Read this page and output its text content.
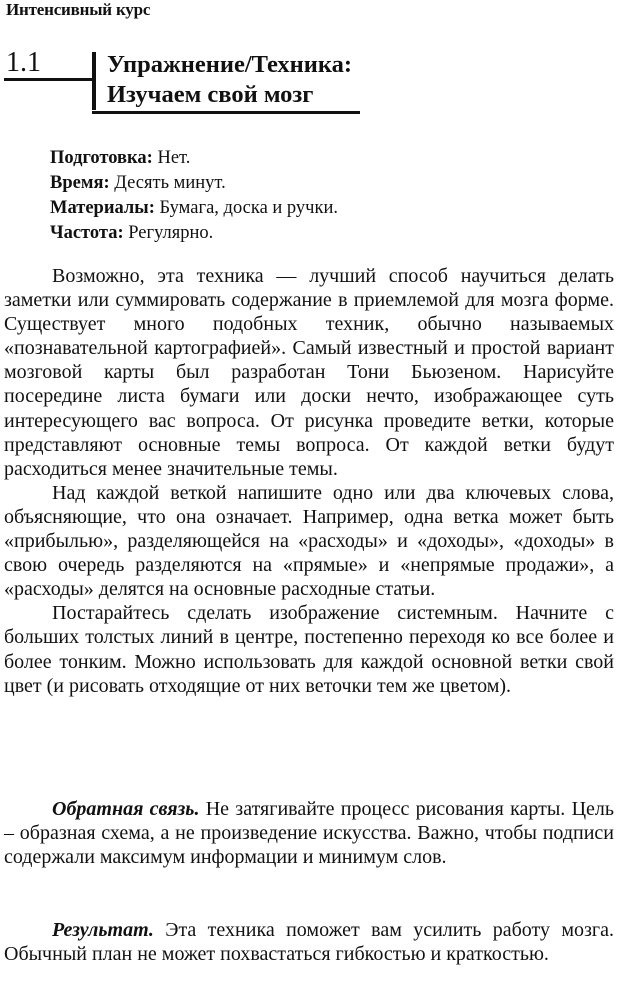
Интенсивный курс
1.1	Упражнение/Техника:
Изучаем свой мозг
Подготовка: Нет.
Время: Десять минут.
Материалы: Бумага, доска и ручки.
Частота: Регулярно.

Возможно, эта техника — лучший способ научиться делать заметки или суммировать содержание в приемлемой для мозга форме. Существует много подобных техник, обычно называемых «познавательной картографией». Самый известный и простой вариант мозговой карты был разработан Тони Бьюзеном. Нарисуйте посередине листа бумаги или доски нечто, изображающее суть интересующего вас вопроса. От рисунка проведите ветки, которые представляют основные темы вопроса. От каждой ветки будут расходиться менее значительные темы.

Над каждой веткой напишите одно или два ключевых слова, объясняющие, что она означает. Например, одна ветка может быть «прибылью», разделяющейся на «расходы» и «доходы», «доходы» в свою очередь разделяются на «прямые» и «непрямые продажи», а «расходы» делятся на основные расходные статьи.

Постарайтесь сделать изображение системным. Начните с больших толстых линий в центре, постепенно переходя ко все более и более тонким. Можно использовать для каждой основной ветки свой цвет (и рисовать отходящие от них веточки тем же цветом).

Обратная связь. Не затягивайте процесс рисования карты. Цель – образная схема, а не произведение искусства. Важно, чтобы подписи содержали максимум информации и минимум слов.

Результат. Эта техника поможет вам усилить работу мозга. Обычный план не может похвастаться гибкостью и краткостью.
